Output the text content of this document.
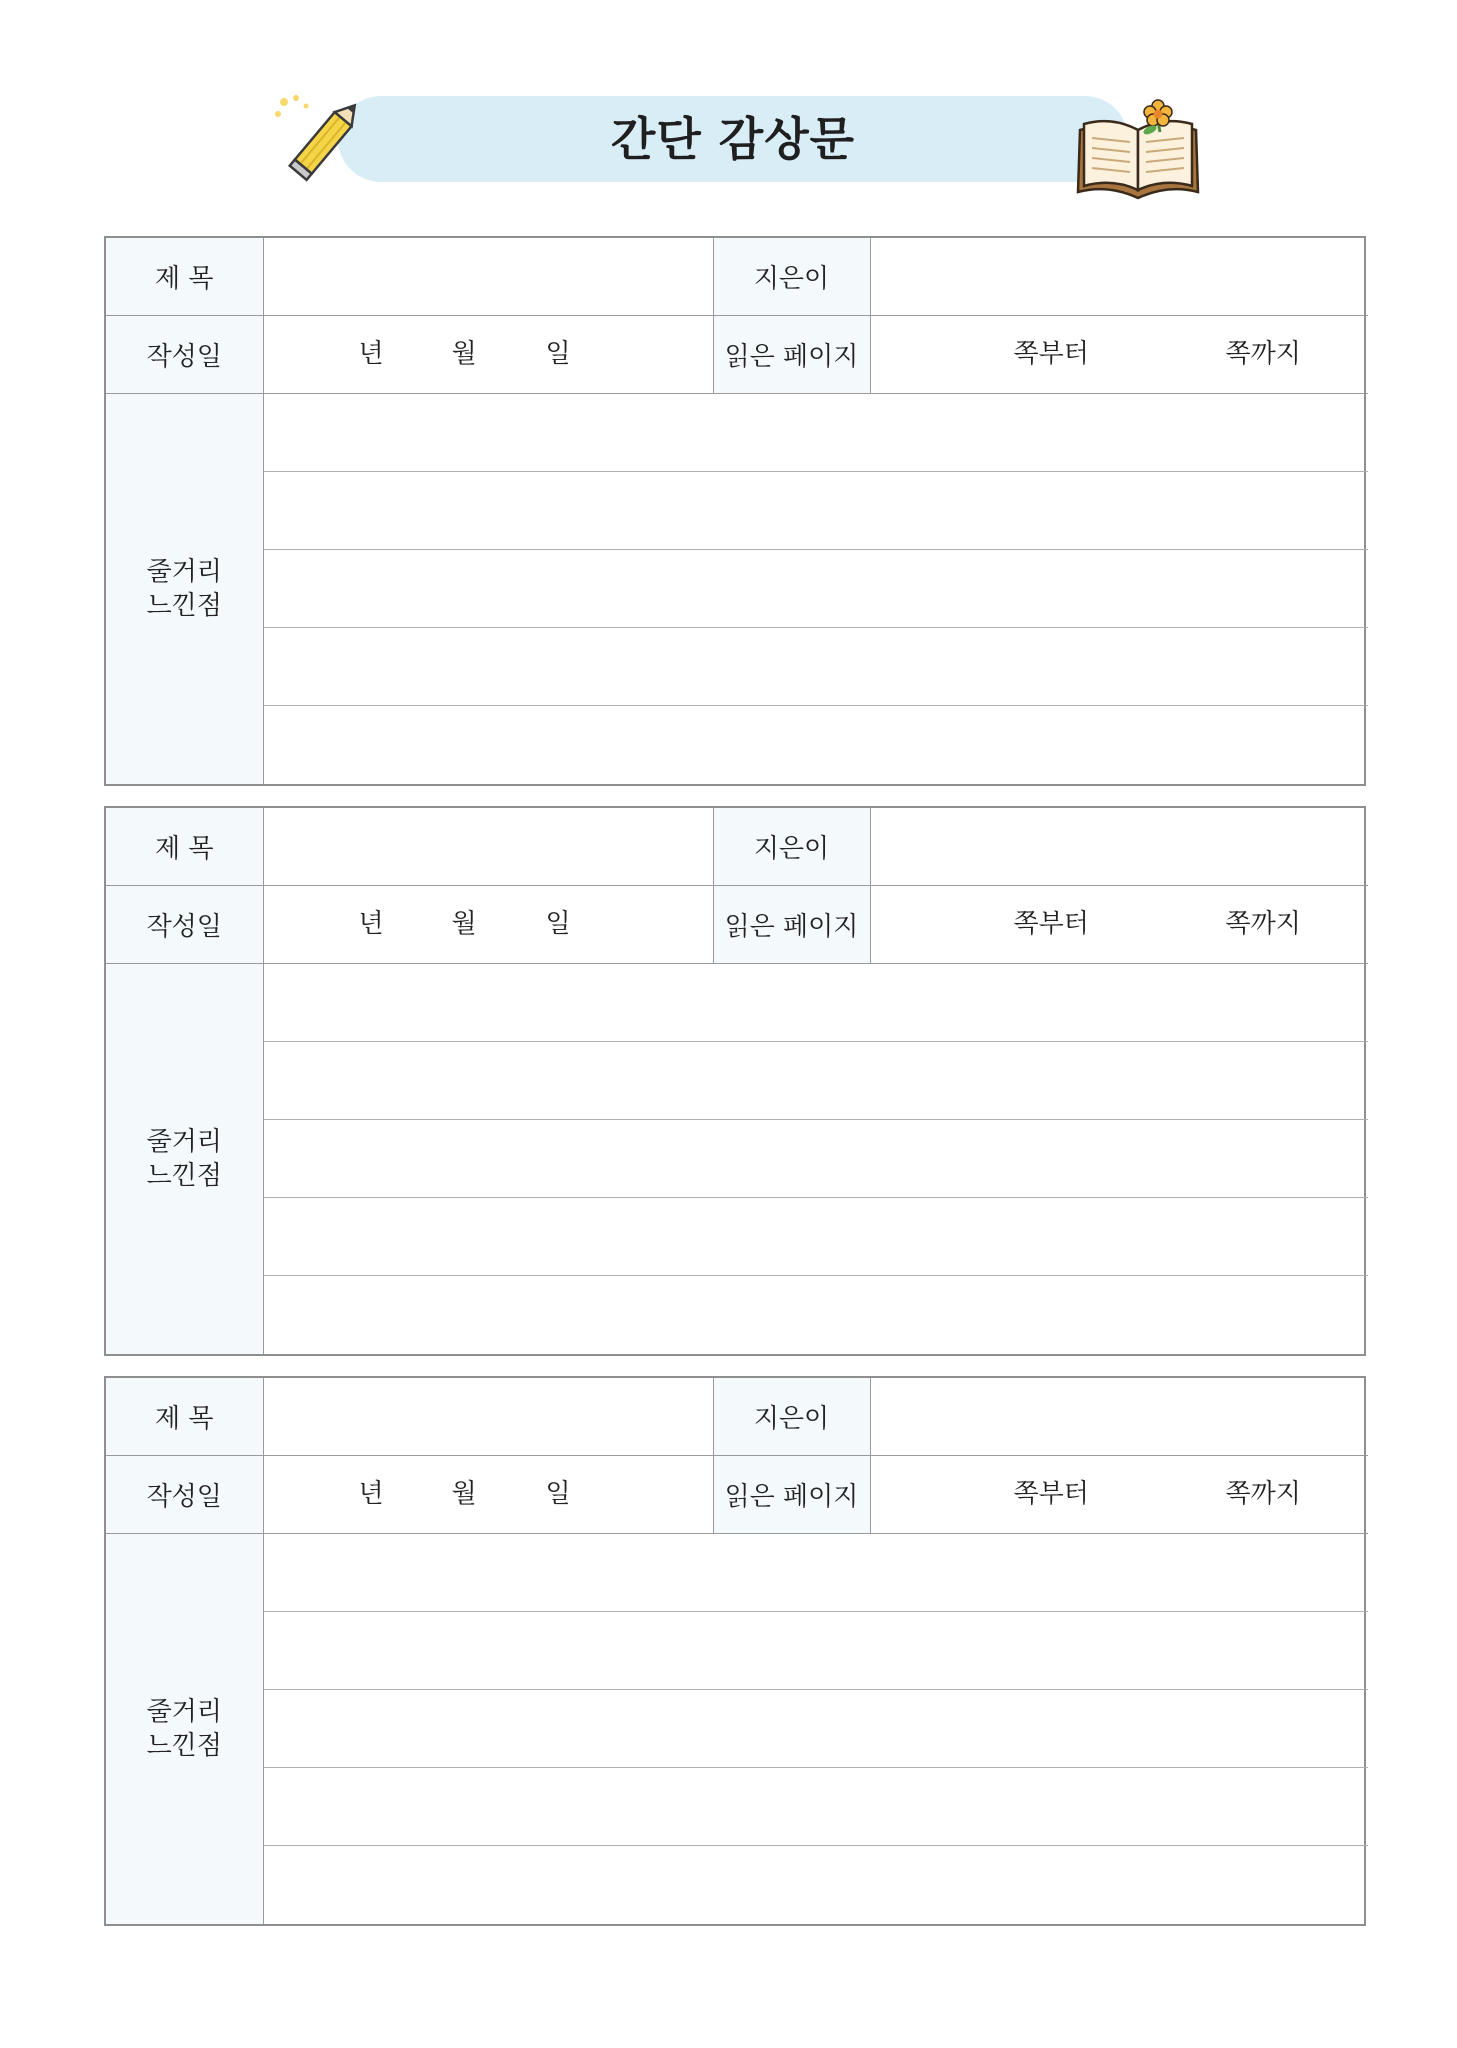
간단 감상문
제 목		지은이	
작성일	년 월 일	읽은 페이지	쪽부터 쪽까지

줄거리
느낀점			

제 목		지은이	
작성일	년 월 일	읽은 페이지	쪽부터 쪽까지

줄거리
느낀점			

제 목		지은이	
작성일	년 월 일	읽은 페이지	쪽부터 쪽까지

줄거리
느낀점			
